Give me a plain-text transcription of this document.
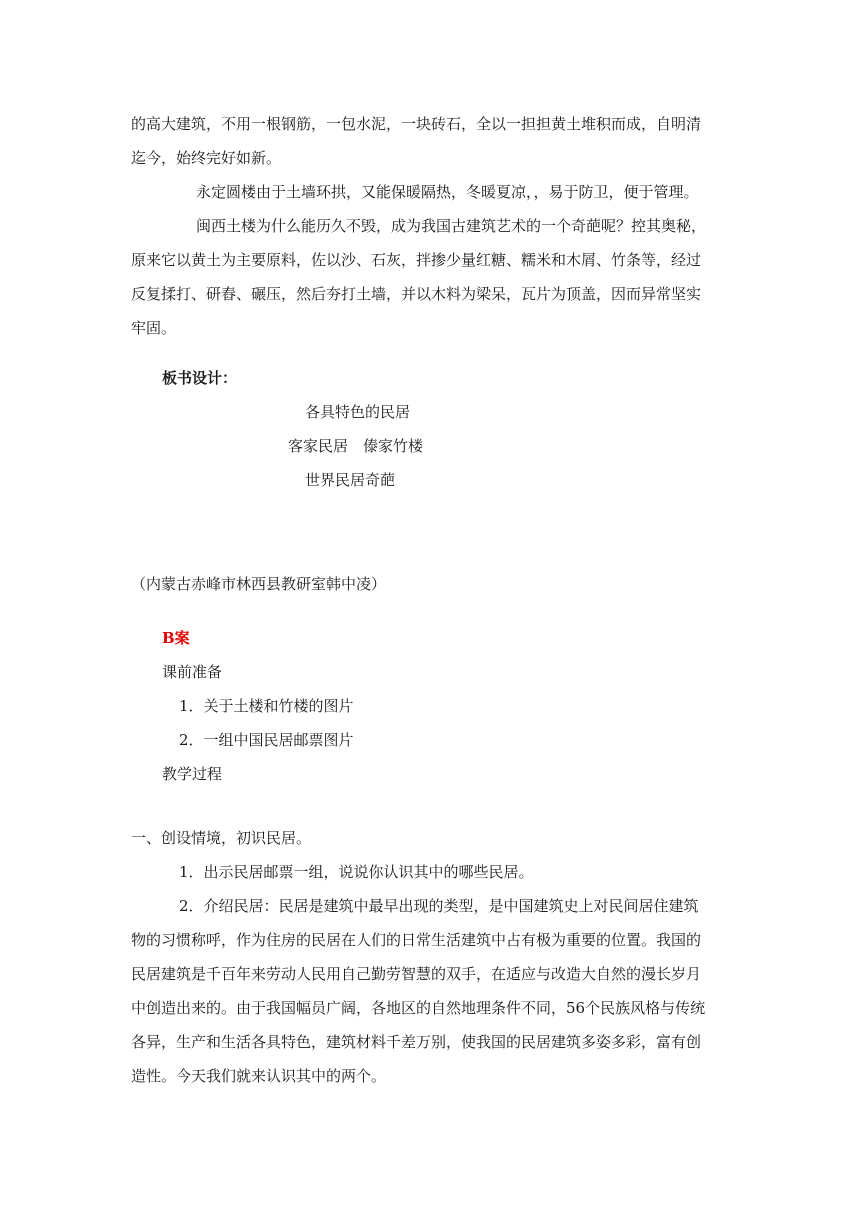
的高大建筑，不用一根钢筋，一包水泥，一块砖石，全以一担担黄土堆积而成，自明清
迄今，始终完好如新。
永定圆楼由于土墙环拱，又能保暖隔热，冬暖夏凉，，易于防卫，便于管理。
闽西土楼为什么能历久不毁，成为我国古建筑艺术的一个奇葩呢？控其奥秘，
原来它以黄土为主要原料，佐以沙、石灰，拌掺少量红糖、糯米和木屑、竹条等，经过
反复揉打、研舂、碾压，然后夯打土墙，并以木料为梁呆，瓦片为顶盖，因而异常坚实
牢固。
板书设计：
各具特色的民居
客家民居　傣家竹楼
世界民居奇葩
（内蒙古赤峰市林西县教研室韩中凌）
B案
课前准备
1．关于土楼和竹楼的图片
2．一组中国民居邮票图片
教学过程
一、创设情境，初识民居。
1．出示民居邮票一组，说说你认识其中的哪些民居。
2．介绍民居：民居是建筑中最早出现的类型，是中国建筑史上对民间居住建筑
物的习惯称呼，作为住房的民居在人们的日常生活建筑中占有极为重要的位置。我国的
民居建筑是千百年来劳动人民用自己勤劳智慧的双手，在适应与改造大自然的漫长岁月
中创造出来的。由于我国幅员广阔，各地区的自然地理条件不同，56个民族风格与传统
各异，生产和生活各具特色，建筑材料千差万别，使我国的民居建筑多姿多彩，富有创
造性。今天我们就来认识其中的两个。
